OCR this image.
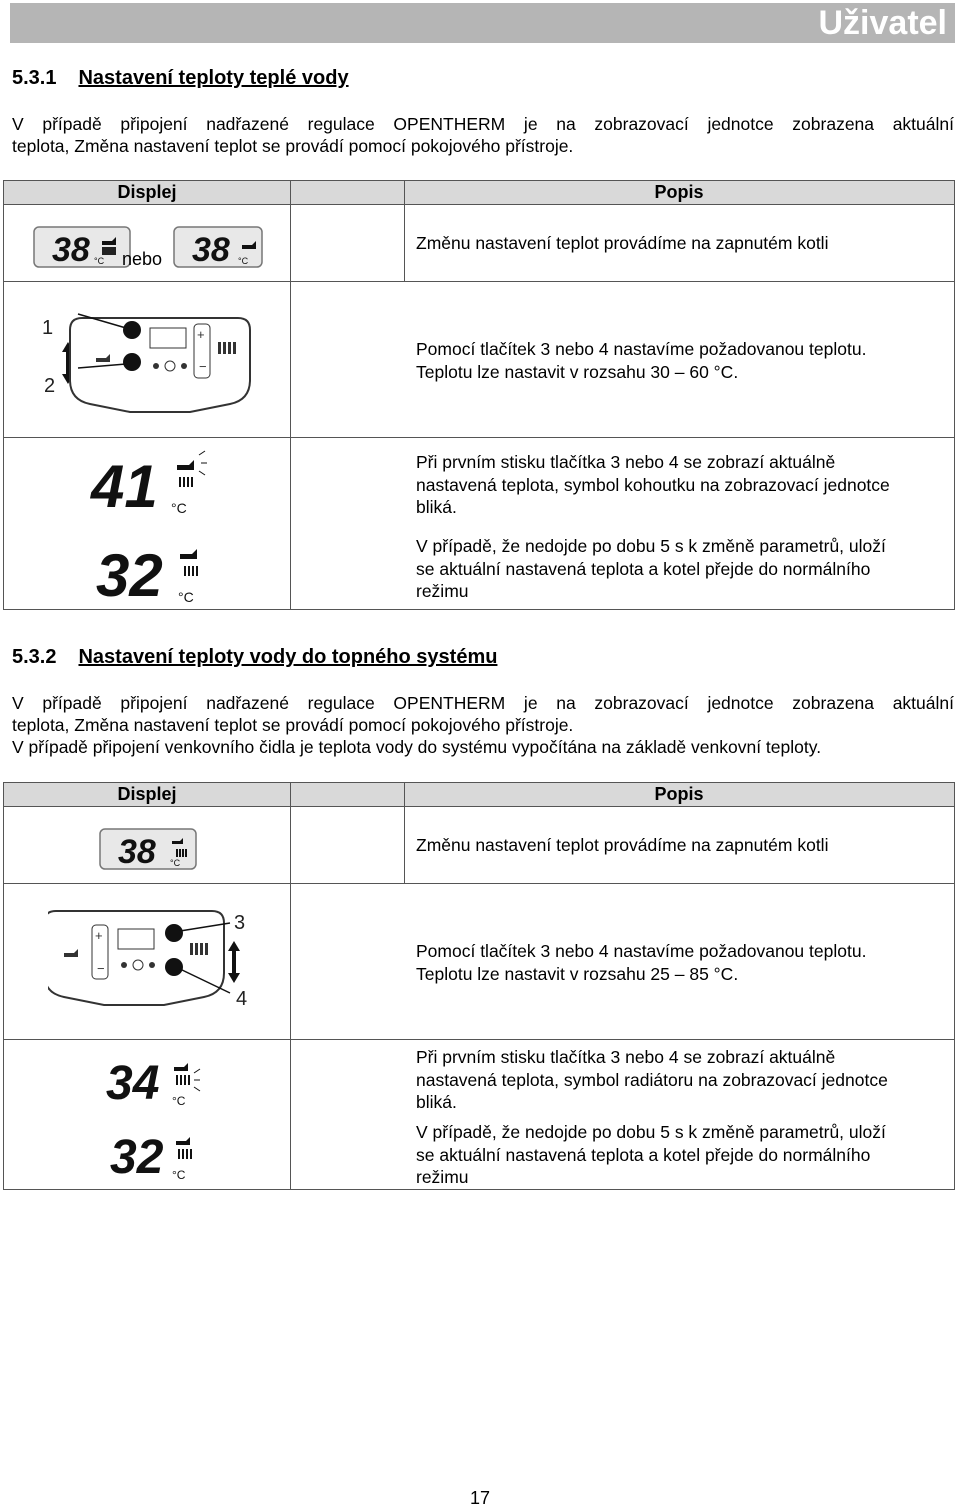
Uživatel
5.3.1 Nastavení teploty teplé vody

V případě připojení nadřazené regulace OPENTHERM je na zobrazovací jednotce zobrazena aktuální

teplota, Změna nastavení teplot se provádí pomocí pokojového přístroje.

Displej	Popis
38 °C nebo 38 °C
Změnu nastavení teplot provádíme na zapnutém kotli
1
2
+
−
Pomocí tlačítek 3 nebo 4 nastavíme požadovanou teplotu.
Teplotu lze nastavit v rozsahu 30 – 60 °C.
41 °C
Při prvním stisku tlačítka 3 nebo 4 se zobrazí aktuálně
nastavená teplota, symbol kohoutku na zobrazovací jednotce
bliká.
32 °C
V případě, že nedojde po dobu 5 s k změně parametrů, uloží
se aktuální nastavená teplota a kotel přejde do normálního
režimu
5.3.2 Nastavení teploty vody do topného systému

V případě připojení nadřazené regulace OPENTHERM je na zobrazovací jednotce zobrazena aktuální

teplota, Změna nastavení teplot se provádí pomocí pokojového přístroje.

V případě připojení venkovního čidla je teplota vody do systému vypočítána na základě venkovní teploty.

Displej	Popis
38 °C
Změnu nastavení teplot provádíme na zapnutém kotli
+
−
3
4
Pomocí tlačítek 3 nebo 4 nastavíme požadovanou teplotu.
Teplotu lze nastavit v rozsahu 25 – 85 °C.
34 °C
Při prvním stisku tlačítka 3 nebo 4 se zobrazí aktuálně
nastavená teplota, symbol radiátoru na zobrazovací jednotce
bliká.
32 °C
V případě, že nedojde po dobu 5 s k změně parametrů, uloží
se aktuální nastavená teplota a kotel přejde do normálního
režimu
17
